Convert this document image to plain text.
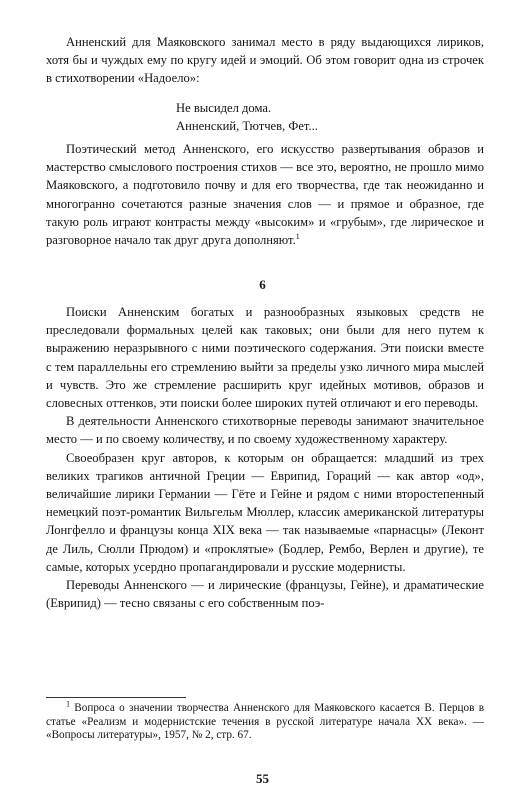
Анненский для Маяковского занимал место в ряду выдающихся лириков, хотя бы и чуждых ему по кругу идей и эмоций. Об этом говорит одна из строчек в стихотворении «Надоело»:

Не высидел дома.
Анненский, Тютчев, Фет...

Поэтический метод Анненского, его искусство развертывания образов и мастерство смыслового построения стихов — все это, вероятно, не прошло мимо Маяковского, а подготовило почву и для его творчества, где так неожиданно и многогранно сочетаются разные значения слов — и прямое и образное, где такую роль играют контрасты между «высоким» и «грубым», где лирическое и разговорное начало так друг друга дополняют.$^1$

6

Поиски Анненским богатых и разнообразных языковых средств не преследовали формальных целей как таковых; они были для него путем к выражению неразрывного с ними поэтического содержания. Эти поиски вместе с тем параллельны его стремлению выйти за пределы узко личного мира мыслей и чувств. Это же стремление расширить круг идейных мотивов, образов и словесных оттенков, эти поиски более широких путей отличают и его переводы.

В деятельности Анненского стихотворные переводы занимают значительное место — и по своему количеству, и по своему художественному характеру.

Своеобразен круг авторов, к которым он обращается: младший из трех великих трагиков античной Греции — Еврипид, Гораций — как автор «од», величайшие лирики Германии — Гёте и Гейне и рядом с ними второстепенный немецкий поэт-романтик Вильгельм Мюллер, классик американской литературы Лонгфелло и французы конца XIX века — так называемые «парнасцы» (Леконт де Лиль, Сюлли Прюдом) и «проклятые» (Бодлер, Рембо, Верлен и другие), те самые, которых усердно пропагандировали и русские модернисты.

Переводы Анненского — и лирические (французы, Гейне), и драматические (Еврипид) — тесно связаны с его собственным поэ-

$^1$ Вопроса о значении творчества Анненского для Маяковского касается В. Перцов в статье «Реализм и модернистские течения в русской литературе начала XX века». — «Вопросы литературы», 1957, № 2, стр. 67.

55
